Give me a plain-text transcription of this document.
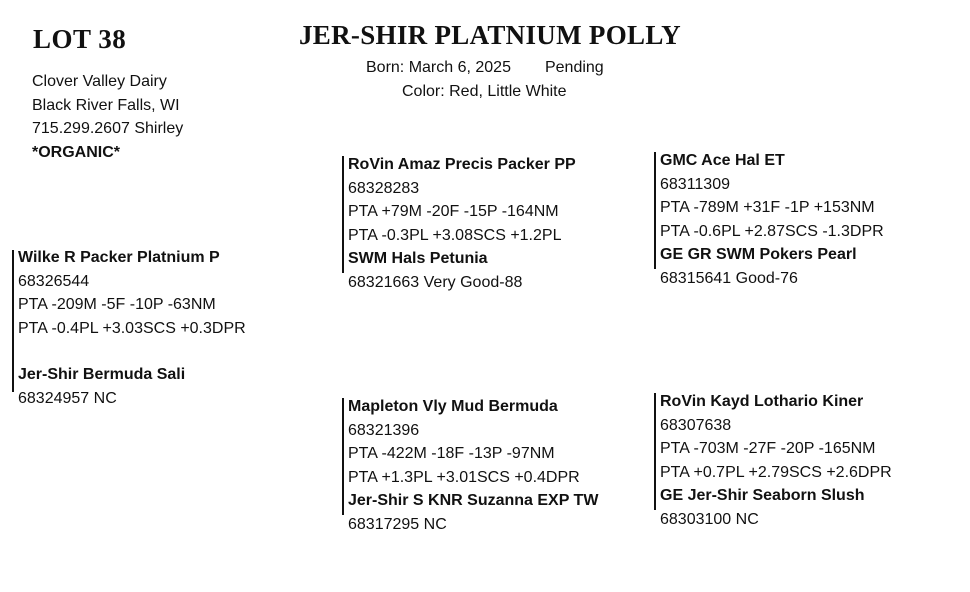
LOT 38	JER-SHIR PLATNIUM POLLY
Born: March 6, 2025 Pending
Color: Red, Little White
Clover Valley Dairy
Black River Falls, WI
715.299.2607 Shirley
*ORGANIC*
Wilke R Packer Platnium P
68326544
PTA -209M -5F -10P -63NM
PTA -0.4PL +3.03SCS +0.3DPR
Jer-Shir Bermuda Sali
68324957 NC
RoVin Amaz Precis Packer PP
68328283
PTA +79M -20F -15P -164NM
PTA -0.3PL +3.08SCS +1.2PL
SWM Hals Petunia
68321663 Very Good-88
Mapleton Vly Mud Bermuda
68321396
PTA -422M -18F -13P -97NM
PTA +1.3PL +3.01SCS +0.4DPR
Jer-Shir S KNR Suzanna EXP TW
68317295 NC
GMC Ace Hal ET
68311309
PTA -789M +31F -1P +153NM
PTA -0.6PL +2.87SCS -1.3DPR
GE GR SWM Pokers Pearl
68315641 Good-76
RoVin Kayd Lothario Kiner
68307638
PTA -703M -27F -20P -165NM
PTA +0.7PL +2.79SCS +2.6DPR
GE Jer-Shir Seaborn Slush
68303100 NC
